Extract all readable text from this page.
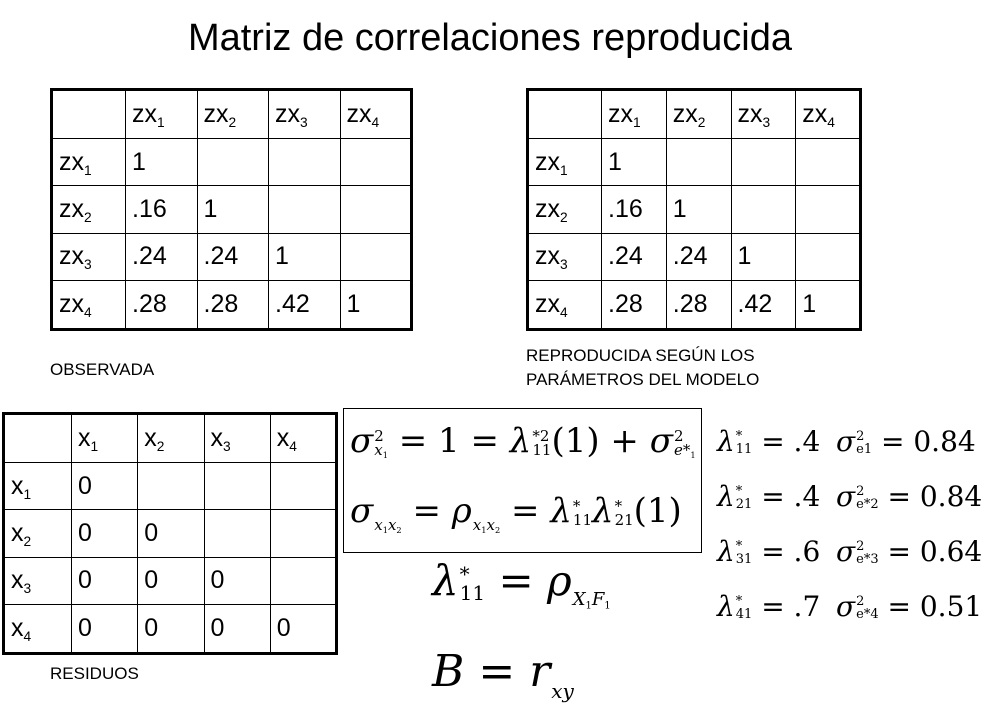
Matriz de correlaciones reproducida
	$zx_1$	$zx_2$	$zx_3$	$zx_4$
$zx_1$	1			
$zx_2$	.16	1		
$zx_3$	.24	.24	1	
$zx_4$	.28	.28	.42	1
OBSERVADA
	$zx_1$	$zx_2$	$zx_3$	$zx_4$
$zx_1$	1			
$zx_2$	.16	1		
$zx_3$	.24	.24	1	
$zx_4$	.28	.28	.42	1
REPRODUCIDA SEGÚN LOS
PARÁMETROS DEL MODELO
	$x_1$	$x_2$	$x_3$	$x_4$
$x_1$	0			
$x_2$	0	0		
$x_3$	0	0	0	
$x_4$	0	0	0	0
RESIDUOS
σ 2
$x_1 = 1 = \lambda$ *2
11 (1) + σ 2
$e*_1$
σ $x_1x_2 = \rho$ $x_1x_2 = \lambda$ *
11 λ *
21 (1)
λ *
11 = ρ $X_1F_1$
B = r xy
λ *
11 = .4
λ *
21 = .4
λ *
31 = .6
λ *
41 = .7
σ 2
e1 = 0.84
σ 2
e*2 = 0.84
σ 2
e*3 = 0.64
σ 2
e*4 = 0.51
